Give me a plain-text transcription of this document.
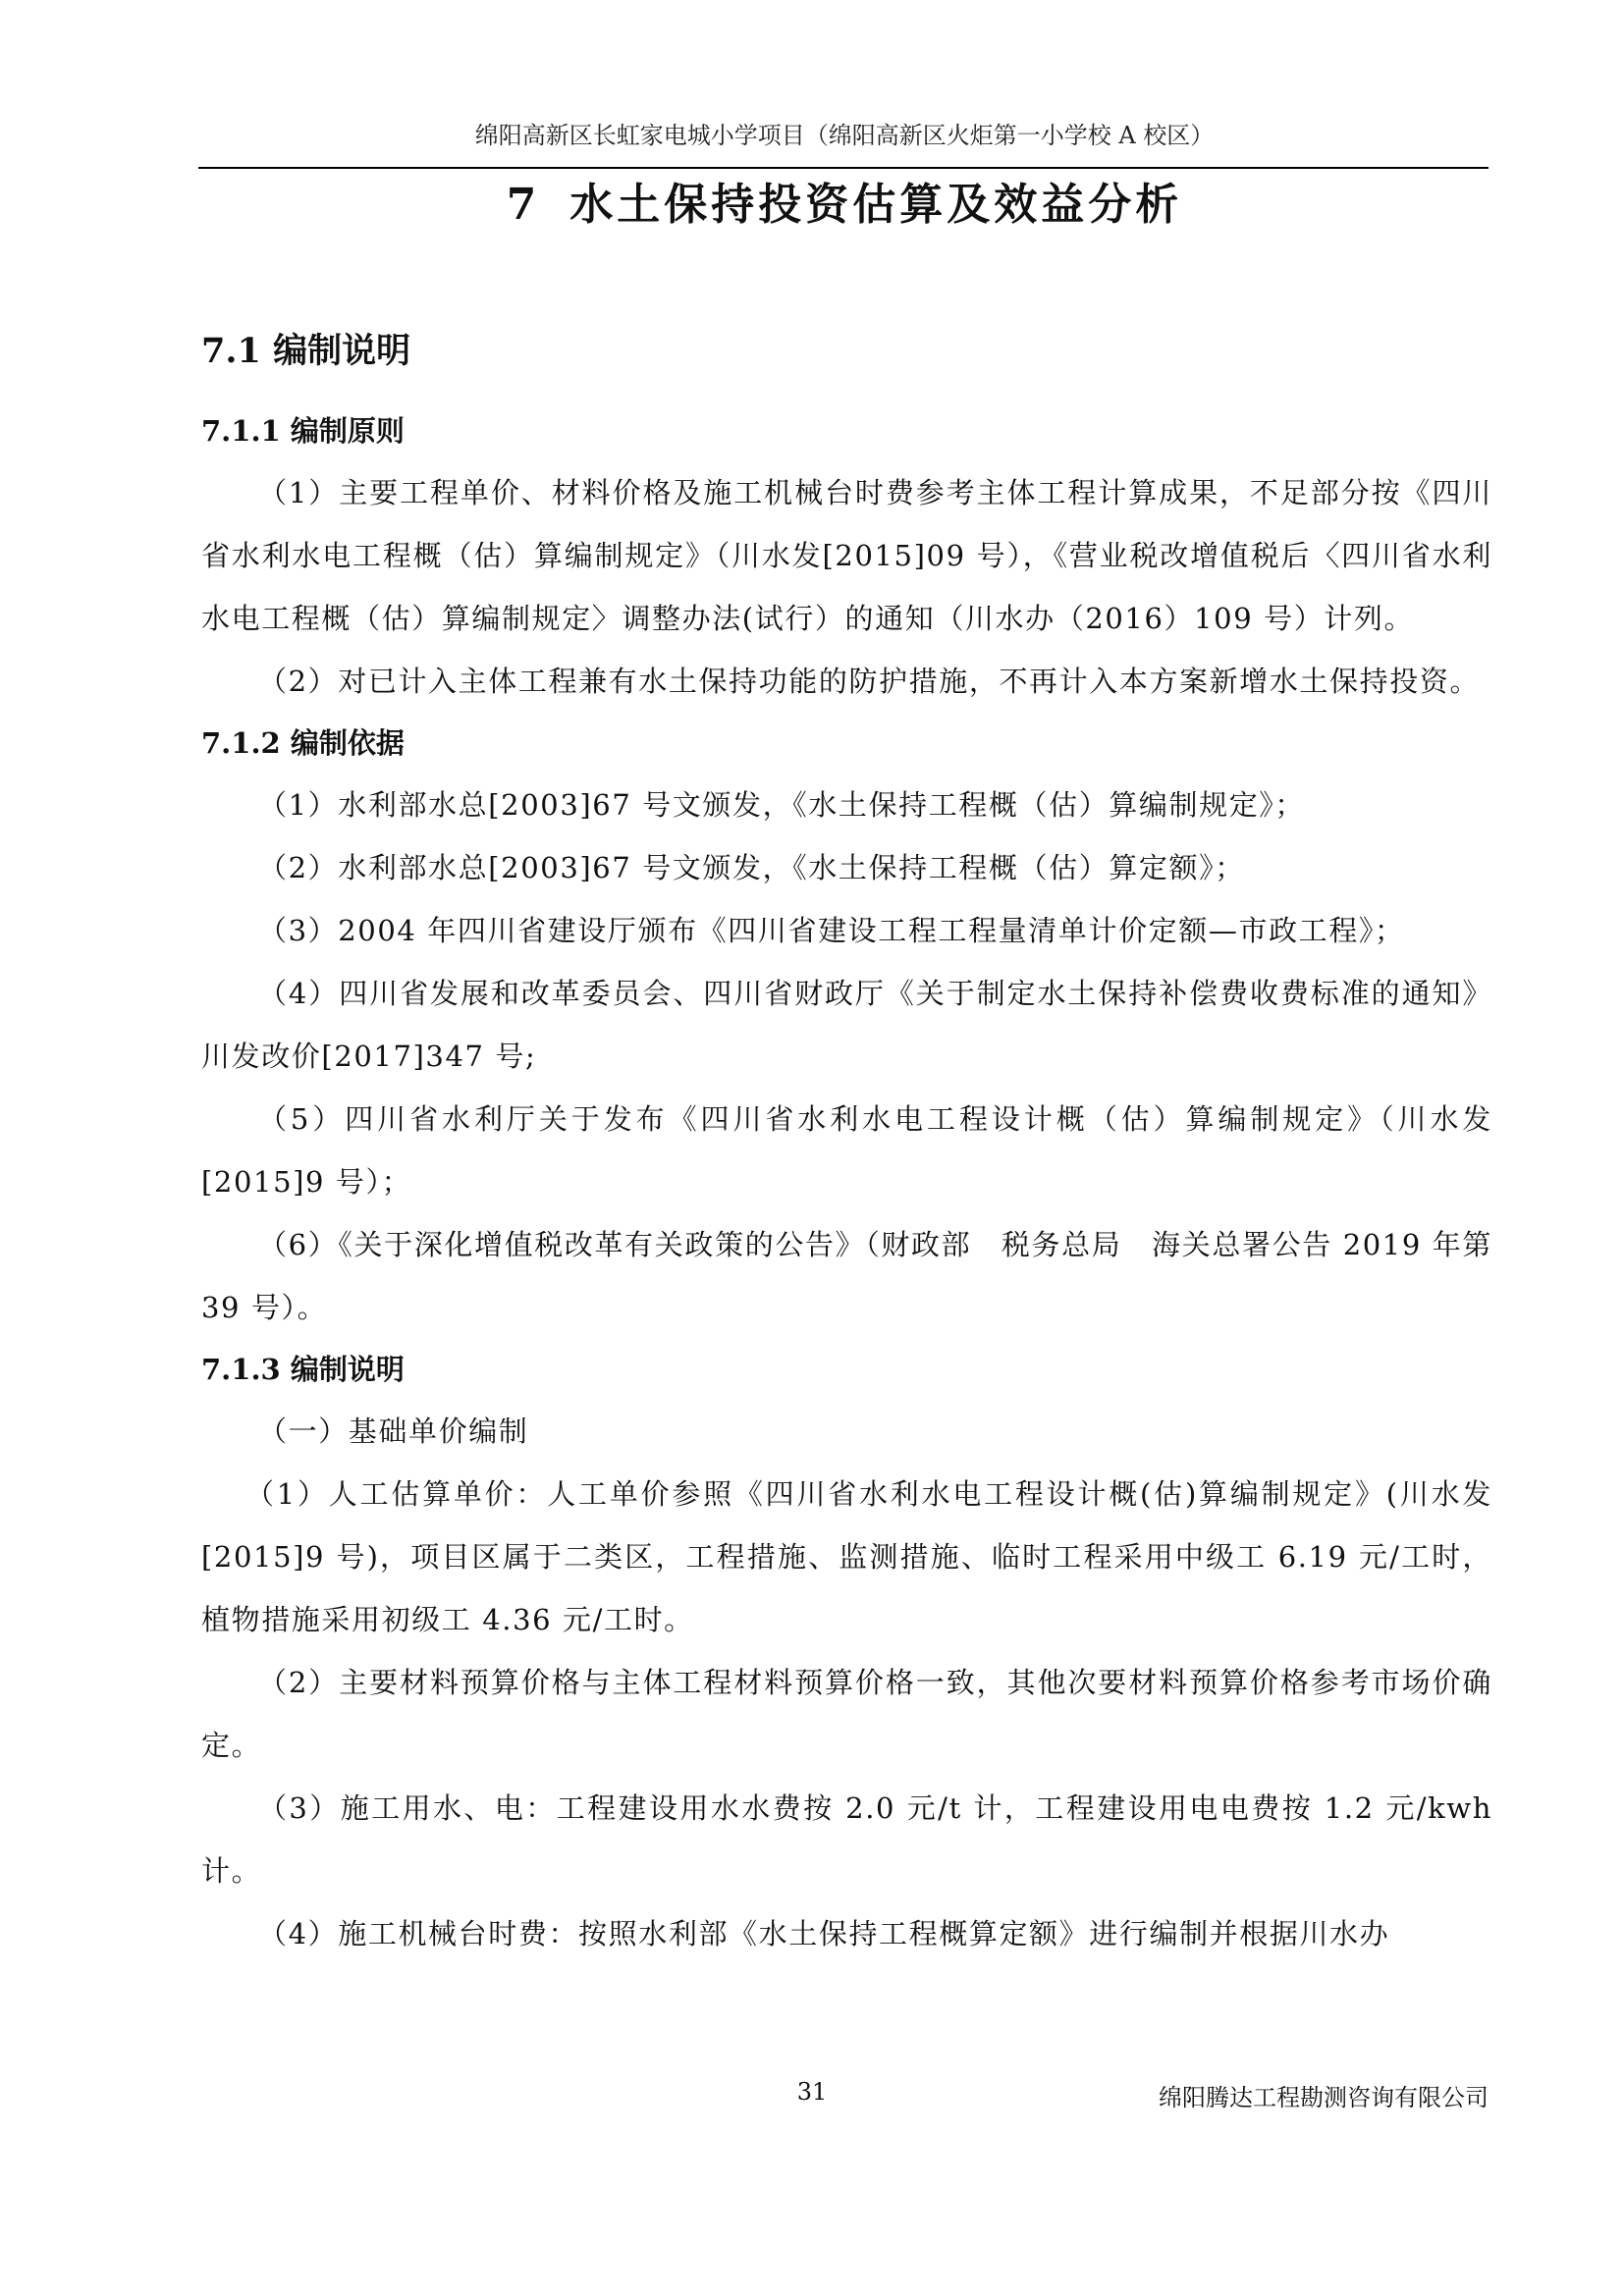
绵阳高新区长虹家电城小学项目（绵阳高新区火炬第一小学校 A 校区）
7 水土保持投资估算及效益分析
7.1 编制说明
7.1.1 编制原则

（1）主要工程单价、材料价格及施工机械台时费参考主体工程计算成果，不足部分按《四川省水利水电工程概（估）算编制规定》（川水发[2015]09 号），《营业税改增值税后〈四川省水利水电工程概（估）算编制规定〉调整办法(试行）的通知（川水办（2016）109 号）计列。

（2）对已计入主体工程兼有水土保持功能的防护措施，不再计入本方案新增水土保持投资。

7.1.2 编制依据

（1）水利部水总[2003]67 号文颁发，《水土保持工程概（估）算编制规定》；

（2）水利部水总[2003]67 号文颁发，《水土保持工程概（估）算定额》；

（3）2004 年四川省建设厅颁布《四川省建设工程工程量清单计价定额—市政工程》；

（4）四川省发展和改革委员会、四川省财政厅《关于制定水土保持补偿费收费标准的通知》川发改价[2017]347 号;

（5）四川省水利厅关于发布《四川省水利水电工程设计概（估）算编制规定》（川水发[2015]9 号）；

（6）《关于深化增值税改革有关政策的公告》（财政部　税务总局　海关总署公告 2019 年第 39 号）。

7.1.3 编制说明

（一）基础单价编制

（1）人工估算单价：人工单价参照《四川省水利水电工程设计概(估)算编制规定》(川水发[2015]9 号)，项目区属于二类区，工程措施、监测措施、临时工程采用中级工 6.19 元/工时，植物措施采用初级工 4.36 元/工时。

（2）主要材料预算价格与主体工程材料预算价格一致，其他次要材料预算价格参考市场价确定。

（3）施工用水、电：工程建设用水水费按 2.0 元/t 计，工程建设用电电费按 1.2 元/kwh 计。

（4）施工机械台时费：按照水利部《水土保持工程概算定额》进行编制并根据川水办

31	绵阳腾达工程勘测咨询有限公司
